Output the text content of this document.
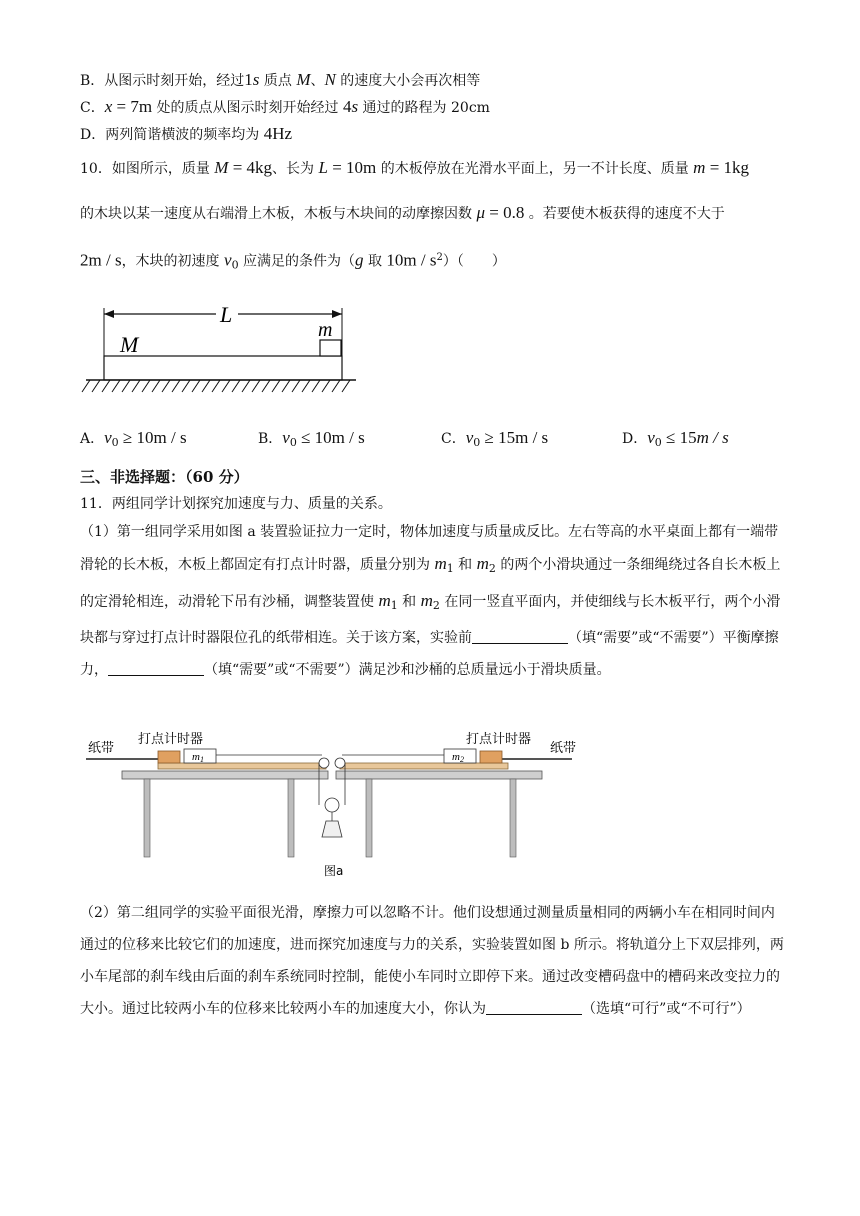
B．从图示时刻开始，经过1s 质点 M、N 的速度大小会再次相等
C．x = 7m 处的质点从图示时刻开始经过 4s 通过的路程为 20cm
D．两列简谐横波的频率均为 4Hz
10．如图所示，质量 M = 4kg、长为 L = 10m 的木板停放在光滑水平面上，另一不计长度、质量 m = 1kg
的木块以某一速度从右端滑上木板，木板与木块间的动摩擦因数 μ = 0.8 。若要使木板获得的速度不大于
2m / s，木块的初速度 $v_0$ 应满足的条件为（g 取 $10m / s^2$）（　　）
L
m
M
A．$v_0 \ge 10m / s$	B．$v_0 \le 10m / s$	C．$v_0 \ge 15m / s$	D．$v_0 \le 15m / s$
三、非选择题：（60 分）
11．两组同学计划探究加速度与力、质量的关系。
（1）第一组同学采用如图 a 装置验证拉力一定时，物体加速度与质量成反比。左右等高的水平桌面上都有一端带滑轮的长木板，木板上都固定有打点计时器，质量分别为 $m_1$ 和 $m_2$ 的两个小滑块通过一条细绳绕过各自长木板上的定滑轮相连，动滑轮下吊有沙桶，调整装置使 $m_1$ 和 $m_2$ 在同一竖直平面内，并使细线与长木板平行，两个小滑块都与穿过打点计时器限位孔的纸带相连。关于该方案，实验前	（填“需要”或“不需要”）平衡摩擦力，	（填“需要”或“不需要”）满足沙和沙桶的总质量远小于滑块质量。
纸带	纸带
打点计时器	打点计时器
m1	m2
图a
（2）第二组同学的实验平面很光滑，摩擦力可以忽略不计。他们设想通过测量质量相同的两辆小车在相同时间内通过的位移来比较它们的加速度，进而探究加速度与力的关系，实验装置如图 b 所示。将轨道分上下双层排列，两小车尾部的刹车线由后面的刹车系统同时控制，能使小车同时立即停下来。通过改变槽码盘中的槽码来改变拉力的大小。通过比较两小车的位移来比较两小车的加速度大小，你认为	（选填“可行”或“不可行”）
